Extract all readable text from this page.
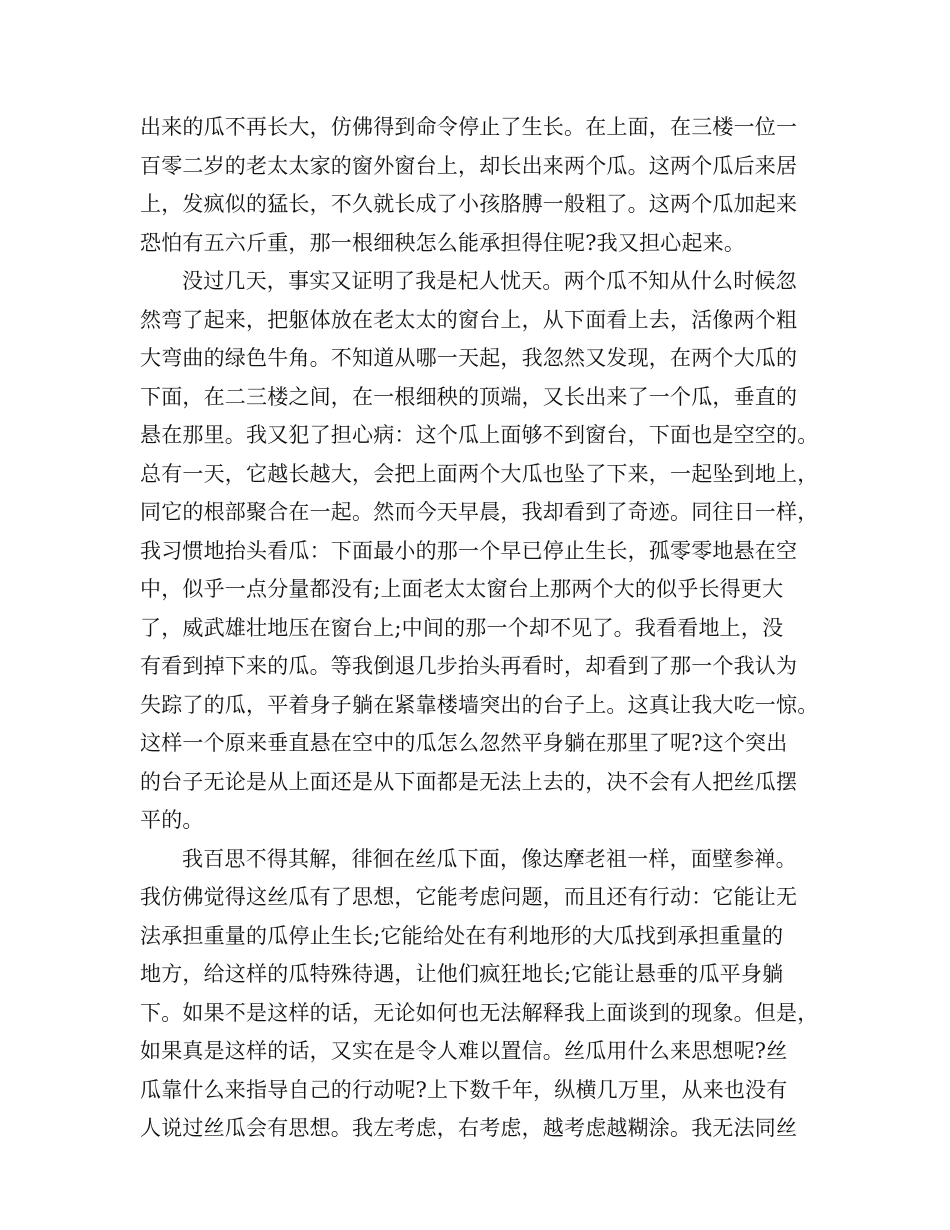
出来的瓜不再长大，仿佛得到命令停止了生长。在上面，在三楼一位一
百零二岁的老太太家的窗外窗台上，却长出来两个瓜。这两个瓜后来居
上，发疯似的猛长，不久就长成了小孩胳膊一般粗了。这两个瓜加起来
恐怕有五六斤重，那一根细秧怎么能承担得住呢?我又担心起来。
没过几天，事实又证明了我是杞人忧天。两个瓜不知从什么时候忽
然弯了起来，把躯体放在老太太的窗台上，从下面看上去，活像两个粗
大弯曲的绿色牛角。不知道从哪一天起，我忽然又发现，在两个大瓜的
下面，在二三楼之间，在一根细秧的顶端，又长出来了一个瓜，垂直的
悬在那里。我又犯了担心病：这个瓜上面够不到窗台，下面也是空空的。
总有一天，它越长越大，会把上面两个大瓜也坠了下来，一起坠到地上，
同它的根部聚合在一起。然而今天早晨，我却看到了奇迹。同往日一样，
我习惯地抬头看瓜：下面最小的那一个早已停止生长，孤零零地悬在空
中，似乎一点分量都没有;上面老太太窗台上那两个大的似乎长得更大
了，威武雄壮地压在窗台上;中间的那一个却不见了。我看看地上，没
有看到掉下来的瓜。等我倒退几步抬头再看时，却看到了那一个我认为
失踪了的瓜，平着身子躺在紧靠楼墙突出的台子上。这真让我大吃一惊。
这样一个原来垂直悬在空中的瓜怎么忽然平身躺在那里了呢?这个突出
的台子无论是从上面还是从下面都是无法上去的，决不会有人把丝瓜摆
平的。
我百思不得其解，徘徊在丝瓜下面，像达摩老祖一样，面壁参禅。
我仿佛觉得这丝瓜有了思想，它能考虑问题，而且还有行动：它能让无
法承担重量的瓜停止生长;它能给处在有利地形的大瓜找到承担重量的
地方，给这样的瓜特殊待遇，让他们疯狂地长;它能让悬垂的瓜平身躺
下。如果不是这样的话，无论如何也无法解释我上面谈到的现象。但是，
如果真是这样的话，又实在是令人难以置信。丝瓜用什么来思想呢?丝
瓜靠什么来指导自己的行动呢?上下数千年，纵横几万里，从来也没有
人说过丝瓜会有思想。我左考虑，右考虑，越考虑越糊涂。我无法同丝
